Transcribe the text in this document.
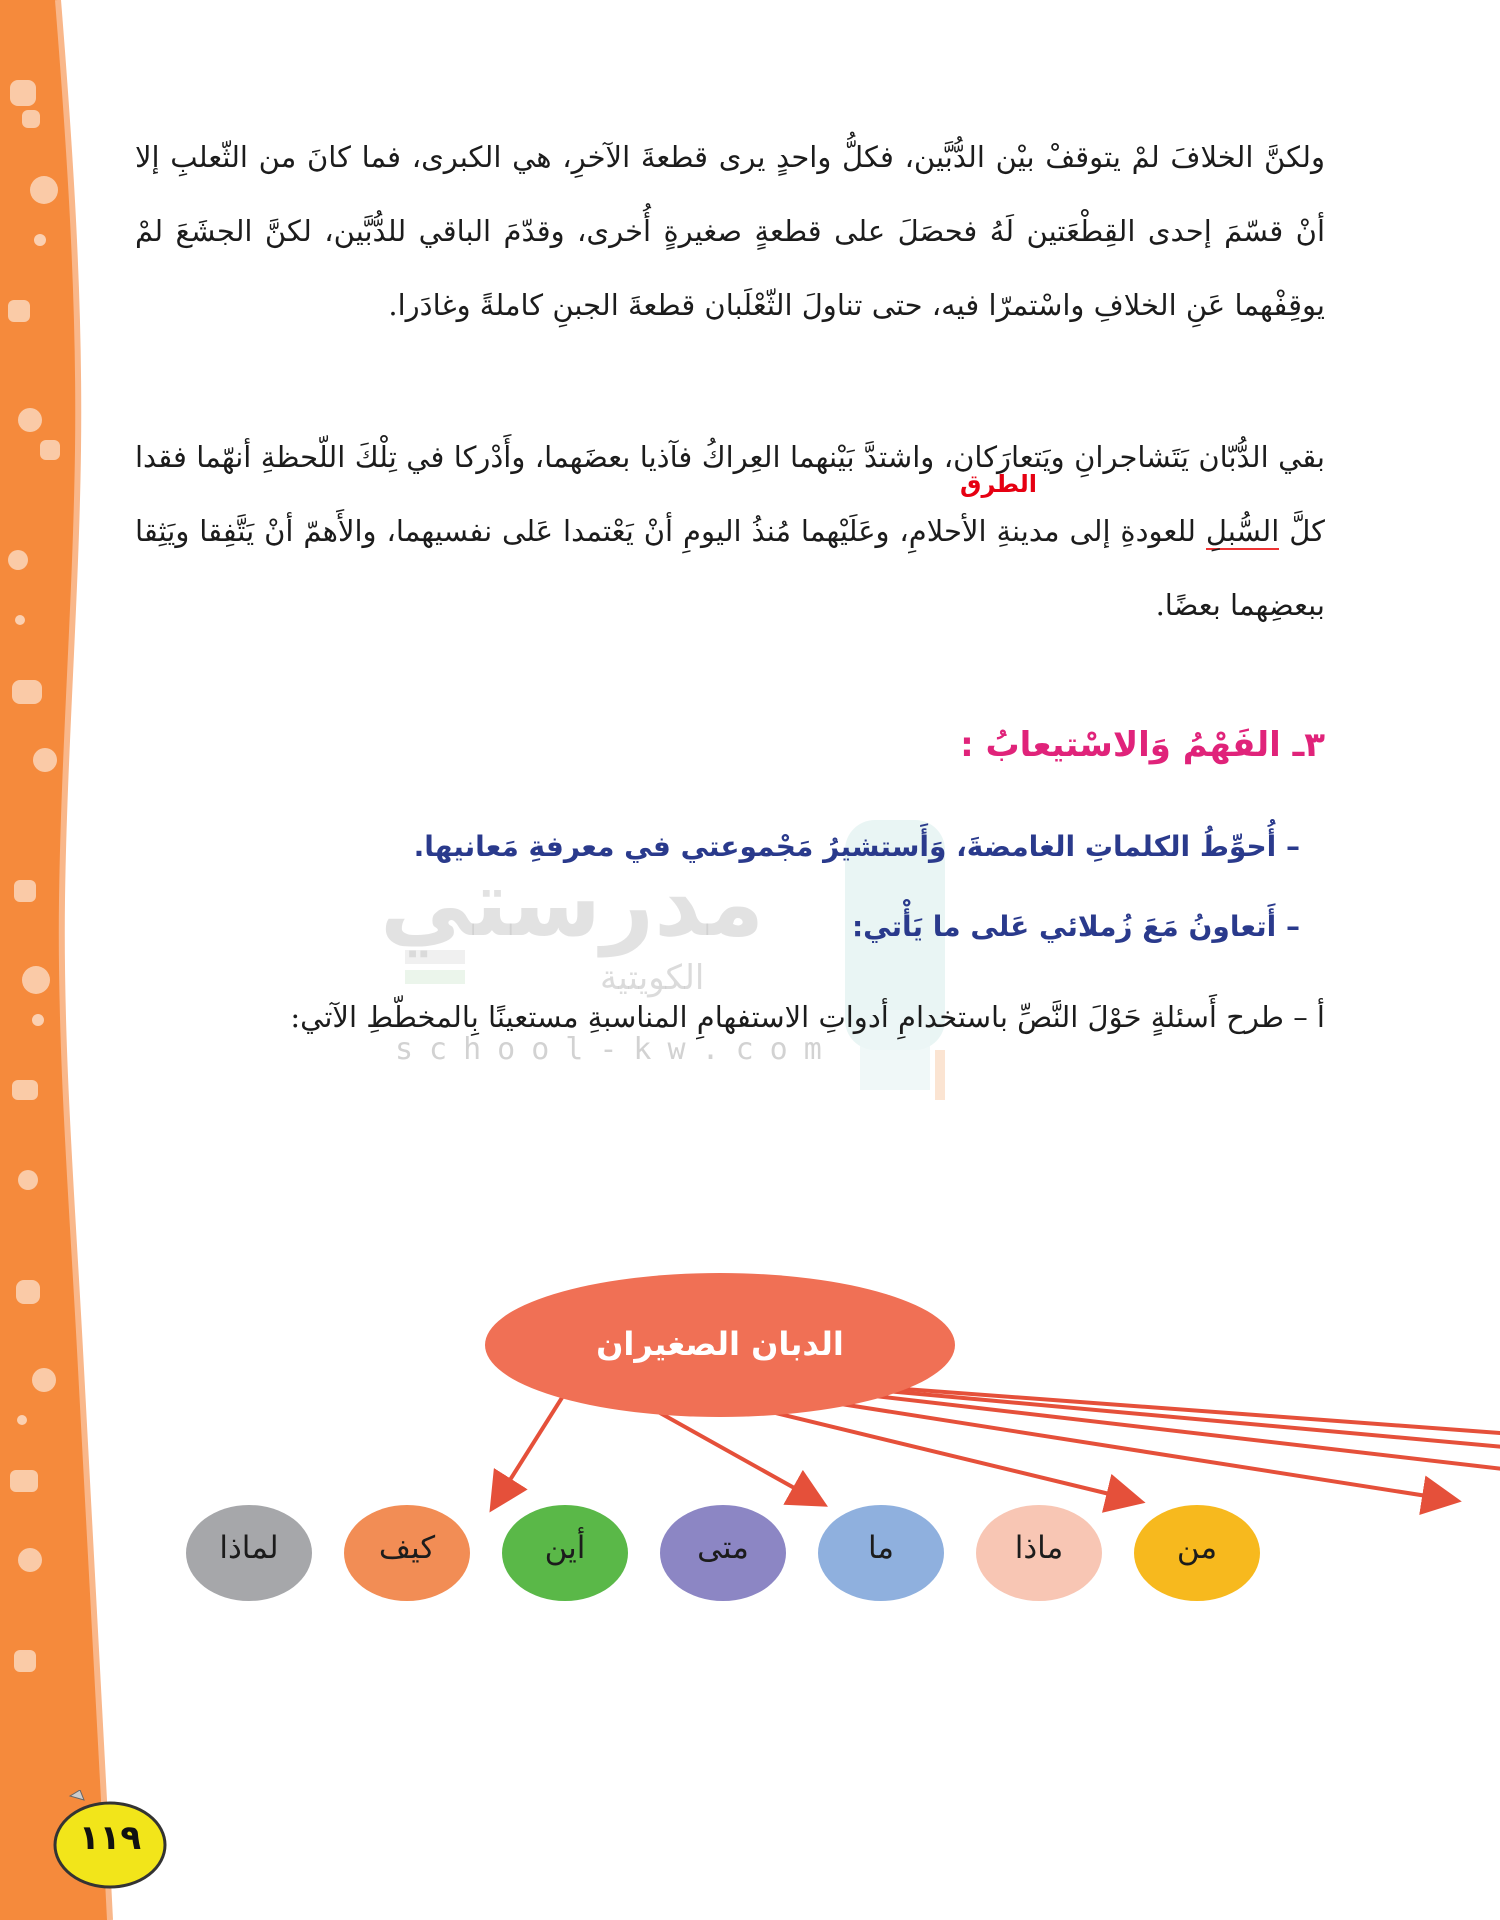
مدرستي
الكويتية
school-kw.com
ولكنَّ الخلافَ لمْ يتوقفْ بيْن الدُّبَّين، فكلُّ واحدٍ يرى قطعةَ الآخرِ، هي الكبرى، فما كانَ من الثّعلبِ إلا أنْ قسّمَ إحدى القِطْعَتين لَهُ فحصَلَ على قطعةٍ صغيرةٍ أُخرى، وقدّمَ الباقي للدُّبَّين، لكنَّ الجشَعَ لمْ يوقِفْهما عَنِ الخلافِ واسْتمرّا فيه، حتى تناولَ الثّعْلَبان قطعةَ الجبنِ كاملةً وغادَرا.
بقي الدُّبّان يَتَشاجرانِ ويَتعارَكان، واشتدَّ بَيْنهما العِراكُ فآذيا بعضَهما، وأَدْركا في تِلْكَ اللّحظةِ أنهّما فقدا كلَّ السُّبلِ للعودةِ إلى مدينةِ الأحلامِ، وعَلَيْهما مُنذُ اليومِ أنْ يَعْتمدا عَلى نفسيهما، والأَهمّ أنْ يَتَّفِقا ويَثِقا ببعضِهما بعضًا.
الطرق
٣ـ الفَهْمُ وَالاسْتيعابُ :
– أُحوِّطُ الكلماتِ الغامضةَ، وَأَستشيرُ مَجْموعتي في معرفةِ مَعانيها.
– أَتعاونُ مَعَ زُملائي عَلى ما يَأْتي:
أ – طرح أَسئلةٍ حَوْلَ النَّصِّ باستخدامِ أدواتِ الاستفهامِ المناسبةِ مستعينًا بِالمخطّطِ الآتي:
الدبان الصغيران
من
ماذا
ما
متى
أين
كيف
لماذا
١١٩
